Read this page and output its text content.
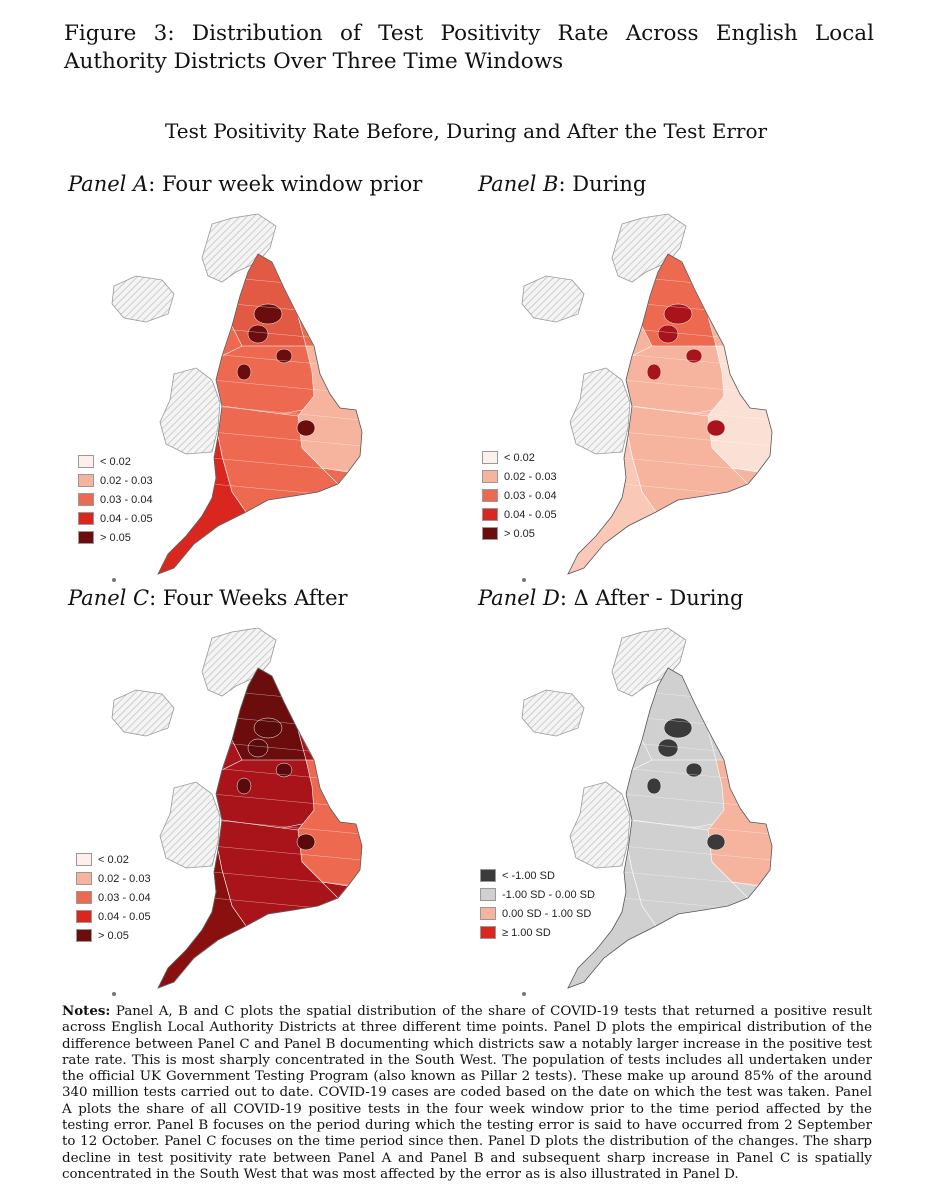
Figure 3: Distribution of Test Positivity Rate Across English Local Authority Districts Over Three Time Windows
Test Positivity Rate Before, During and After the Test Error
Panel A: Four week window prior
< 0.02
0.02 - 0.03
0.03 - 0.04
0.04 - 0.05
> 0.05
Panel B: During
< 0.02
0.02 - 0.03
0.03 - 0.04
0.04 - 0.05
> 0.05
Panel C: Four Weeks After
< 0.02
0.02 - 0.03
0.03 - 0.04
0.04 - 0.05
> 0.05
Panel D: Δ After - During
< -1.00 SD
-1.00 SD - 0.00 SD
0.00 SD - 1.00 SD
≥ 1.00 SD
Notes: Panel A, B and C plots the spatial distribution of the share of COVID-19 tests that returned a positive result across English Local Authority Districts at three different time points. Panel D plots the empirical distribution of the difference between Panel C and Panel B documenting which districts saw a notably larger increase in the positive test rate rate. This is most sharply concentrated in the South West. The population of tests includes all undertaken under the official UK Government Testing Program (also known as Pillar 2 tests). These make up around 85% of the around 340 million tests carried out to date. COVID-19 cases are coded based on the date on which the test was taken. Panel A plots the share of all COVID-19 positive tests in the four week window prior to the time period affected by the testing error. Panel B focuses on the period during which the testing error is said to have occurred from 2 September to 12 October. Panel C focuses on the time period since then. Panel D plots the distribution of the changes. The sharp decline in test positivity rate between Panel A and Panel B and subsequent sharp increase in Panel C is spatially concentrated in the South West that was most affected by the error as is also illustrated in Panel D.
